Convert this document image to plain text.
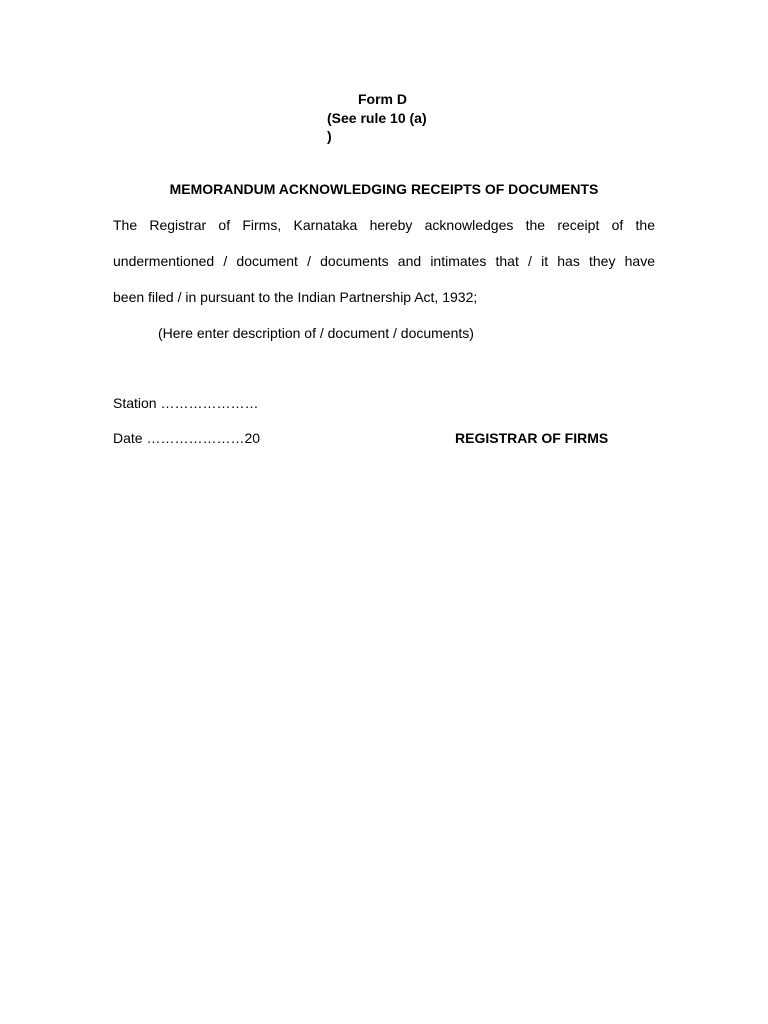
Form D
(See rule 10 (a)
)
MEMORANDUM ACKNOWLEDGING RECEIPTS OF DOCUMENTS
The Registrar of Firms, Karnataka hereby acknowledges the receipt of the
undermentioned / document / documents and intimates that / it has they have
been filed / in pursuant to the Indian Partnership Act, 1932;
(Here enter description of / document / documents)
Station …………………
Date …………………20	REGISTRAR OF FIRMS
